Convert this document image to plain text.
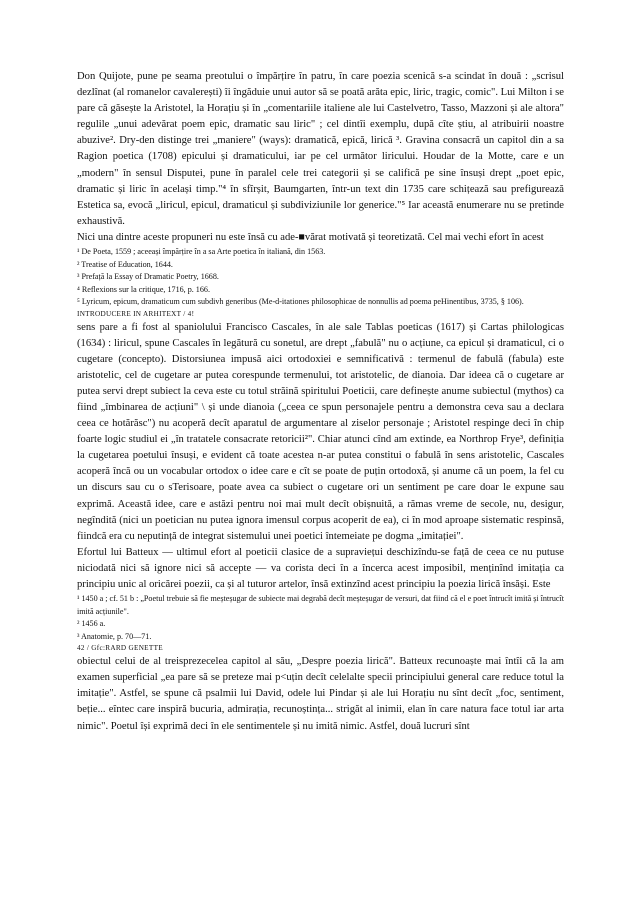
Don Quijote, pune pe seama preotului o împărțire în patru, în care poezia scenică s-a scindat în două : „scrisul dezlînat (al romanelor cavalerești) îi îngăduie unui autor să se poată arăta epic, liric, tragic, comic". Lui Milton i se pare că găsește la Aristotel, la Horațiu și în „comentariile italiene ale lui Castelvetro, Tasso, Mazzoni și ale altora" regulile „unui adevărat poem epic, dramatic sau liric" ; cel dintîi exemplu, după cîte știu, al atribuirii noastre abuzive². Dry-den distinge trei „maniere" (ways): dramatică, epică, lirică ³. Gravina consacră un capitol din a sa Ragion poetica (1708) epicului și dramaticului, iar pe cel următor liricului. Houdar de la Motte, care e un „modern" în sensul Disputei, pune în paralel cele trei categorii și se califică pe sine însuși drept „poet epic, dramatic și liric în același timp."⁴ în sfîrșit, Baumgarten, într-un text din 1735 care schițează sau prefigurează Estetica sa, evocă „liricul, epicul, dramaticul și subdiviziunile lor generice."⁵ Iar această enumerare nu se pretinde exhaustivă.

Nici una dintre aceste propuneri nu este însă cu ade-■vărat motivată și teoretizată. Cel mai vechi efort în acest

¹ De Poeta, 1559 ; aceeași împărțire în a sa Arte poetica în italiană, din 1563.

² Treatise of Education, 1644.

³ Prefață la Essay of Dramatic Poetry, 1668.

⁴ Reflexions sur la critique, 1716, p. 166.

⁵ Lyricum, epicum, dramaticum cum subdivh generibus (Me-d-itationes philosophicae de nonnullis ad poema peHinentibus, 3735, § 106).

INTRODUCERE IN ARHITEXT / 4!

sens pare a fi fost al spaniolului Francisco Cascales, în ale sale Tablas poeticas (1617) și Cartas philologicas (1634) : liricul, spune Cascales în legătură cu sonetul, are drept „fabulă" nu o acțiune, ca epicul și dramaticul, ci o cugetare (concepto). Distorsiunea impusă aici ortodoxiei e semnificativă : termenul de fabulă (fabula) este aristotelic, cel de cugetare ar putea corespunde termenului, tot aristotelic, de dianoia. Dar ideea că o cugetare ar putea servi drept subiect la ceva este cu totul străină spiritului Poeticii, care definește anume subiectul (mythos) ca fiind „îmbinarea de acțiuni" \ și unde dianoia („ceea ce spun personajele pentru a demonstra ceva sau a declara ceea ce hotărăsc") nu acoperă decît aparatul de argumentare al ziselor personaje ; Aristotel respinge deci în chip foarte logic studiul ei „în tratatele consacrate retoricii²". Chiar atunci cînd am extinde, ea Northrop Frye³, definiția la cugetarea poetului însuși, e evident că toate acestea n-ar putea constitui o fabulă în sens aristotelic, Cascales acoperă încă ou un vocabular ortodox o idee care e cît se poate de puțin ortodoxă, și anume că un poem, la fel cu un discurs sau cu o sTerisoare, poate avea ca subiect o cugetare ori un sentiment pe care doar le expune sau exprimă. Această idee, care e astăzi pentru noi mai mult decît obișnuită, a rămas vreme de secole, nu, desigur, negîndită (nici un poetician nu putea ignora imensul corpus acoperit de ea), ci în mod aproape sistematic respinsă, fiindcă era cu neputință de integrat sistemului unei poetici întemeiate pe dogma „imitației".

Efortul lui Batteux — ultimul efort al poeticii clasice de a supraviețui deschizîndu-se față de ceea ce nu putuse niciodată nici să ignore nici să accepte — va corista deci în a încerca acest imposibil, menținînd imitația ca principiu unic al oricărei poezii, ca și al tuturor artelor, însă extinzînd acest principiu la poezia lirică însăși. Este

¹ 1450 a ; cf. 51 b : „Poetul trebuie să fie meșteșugar de subiecte mai degrabă decît meșteșugar de versuri, dat fiind că el e poet întrucît imită și întrucît imită acțiunile".

² 1456 a.

³ Anatomie, p. 70—71.

42 / Gfc:RARD GENETTE

obiectul celui de al treisprezecelea capitol al său, „Despre poezia lirică". Batteux recunoaște mai întîi că la am examen superficial „ea pare să se preteze mai p<uțin decît celelalte specii principiului general care reduce totul la imitație". Astfel, se spune că psalmii lui David, odele lui Pindar și ale lui Horațiu nu sînt decît „foc, sentiment, beție... eîntec care inspiră bucuria, admirația, recunoștința... strigăt al inimii, elan în care natura face totul iar arta nimic". Poetul își exprimă deci în ele sentimentele și nu imită nimic. Astfel, două lucruri sînt
